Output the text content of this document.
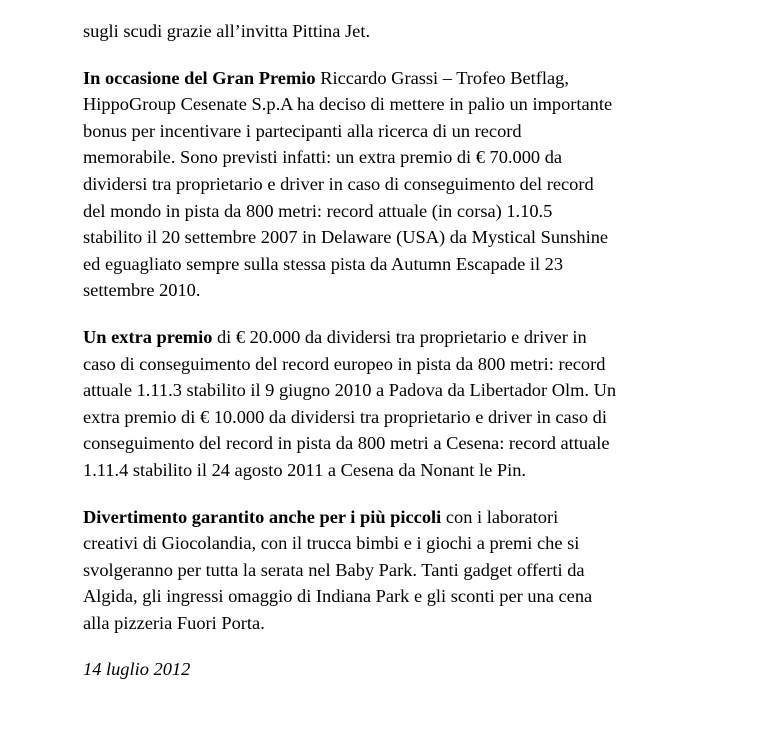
sugli scudi grazie all’invitta Pittina Jet.

In occasione del Gran Premio Riccardo Grassi – Trofeo Betflag,
HippoGroup Cesenate S.p.A ha deciso di mettere in palio un importante
bonus per incentivare i partecipanti alla ricerca di un record
memorabile. Sono previsti infatti: un extra premio di € 70.000 da
dividersi tra proprietario e driver in caso di conseguimento del record
del mondo in pista da 800 metri: record attuale (in corsa) 1.10.5
stabilito il 20 settembre 2007 in Delaware (USA) da Mystical Sunshine
ed eguagliato sempre sulla stessa pista da Autumn Escapade il 23
settembre 2010.

Un extra premio di € 20.000 da dividersi tra proprietario e driver in
caso di conseguimento del record europeo in pista da 800 metri: record
attuale 1.11.3 stabilito il 9 giugno 2010 a Padova da Libertador Olm. Un
extra premio di € 10.000 da dividersi tra proprietario e driver in caso di
conseguimento del record in pista da 800 metri a Cesena: record attuale
1.11.4 stabilito il 24 agosto 2011 a Cesena da Nonant le Pin.

Divertimento garantito anche per i più piccoli con i laboratori
creativi di Giocolandia, con il trucca bimbi e i giochi a premi che si
svolgeranno per tutta la serata nel Baby Park. Tanti gadget offerti da
Algida, gli ingressi omaggio di Indiana Park e gli sconti per una cena
alla pizzeria Fuori Porta.

14 luglio 2012
